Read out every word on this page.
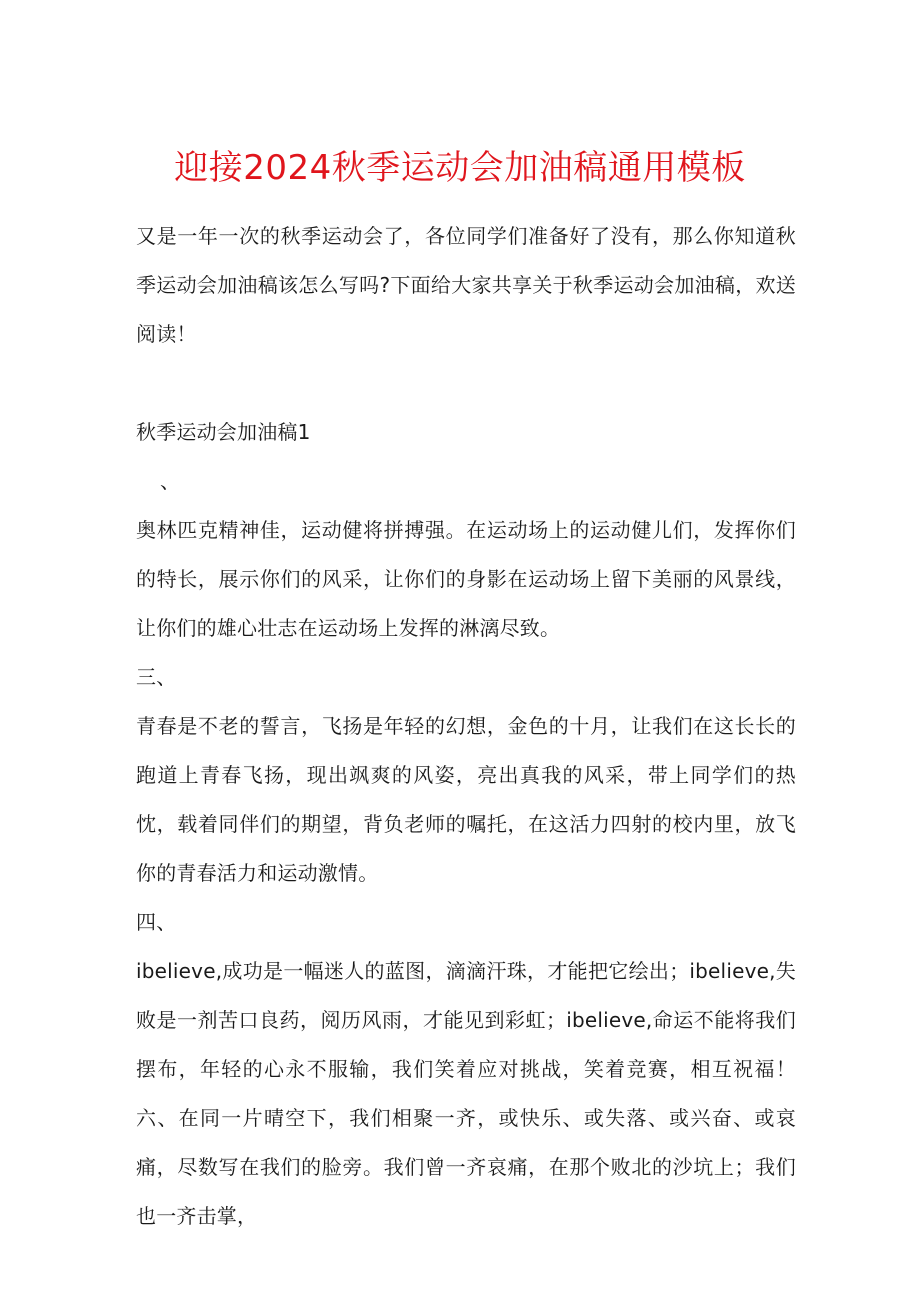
迎接2024秋季运动会加油稿通用模板

又是一年一次的秋季运动会了，各位同学们准备好了没有，那么你知道秋季运动会加油稿该怎么写吗?下面给大家共享关于秋季运动会加油稿，欢送阅读！

秋季运动会加油稿1

、

奥林匹克精神佳，运动健将拼搏强。在运动场上的运动健儿们，发挥你们的特长，展示你们的风采，让你们的身影在运动场上留下美丽的风景线，让你们的雄心壮志在运动场上发挥的淋漓尽致。

三、

青春是不老的誓言，飞扬是年轻的幻想，金色的十月，让我们在这长长的跑道上青春飞扬，现出飒爽的风姿，亮出真我的风采，带上同学们的热忱，载着同伴们的期望，背负老师的嘱托，在这活力四射的校内里，放飞你的青春活力和运动激情。

四、

ibelieve,成功是一幅迷人的蓝图，滴滴汗珠，才能把它绘出；ibelieve,失败是一剂苦口良药，阅历风雨，才能见到彩虹；ibelieve,命运不能将我们摆布，年轻的心永不服输，我们笑着应对挑战，笑着竞赛，相互祝福！六、在同一片晴空下，我们相聚一齐，或快乐、或失落、或兴奋、或哀痛，尽数写在我们的脸旁。我们曾一齐哀痛，在那个败北的沙坑上；我们也一齐击掌，
